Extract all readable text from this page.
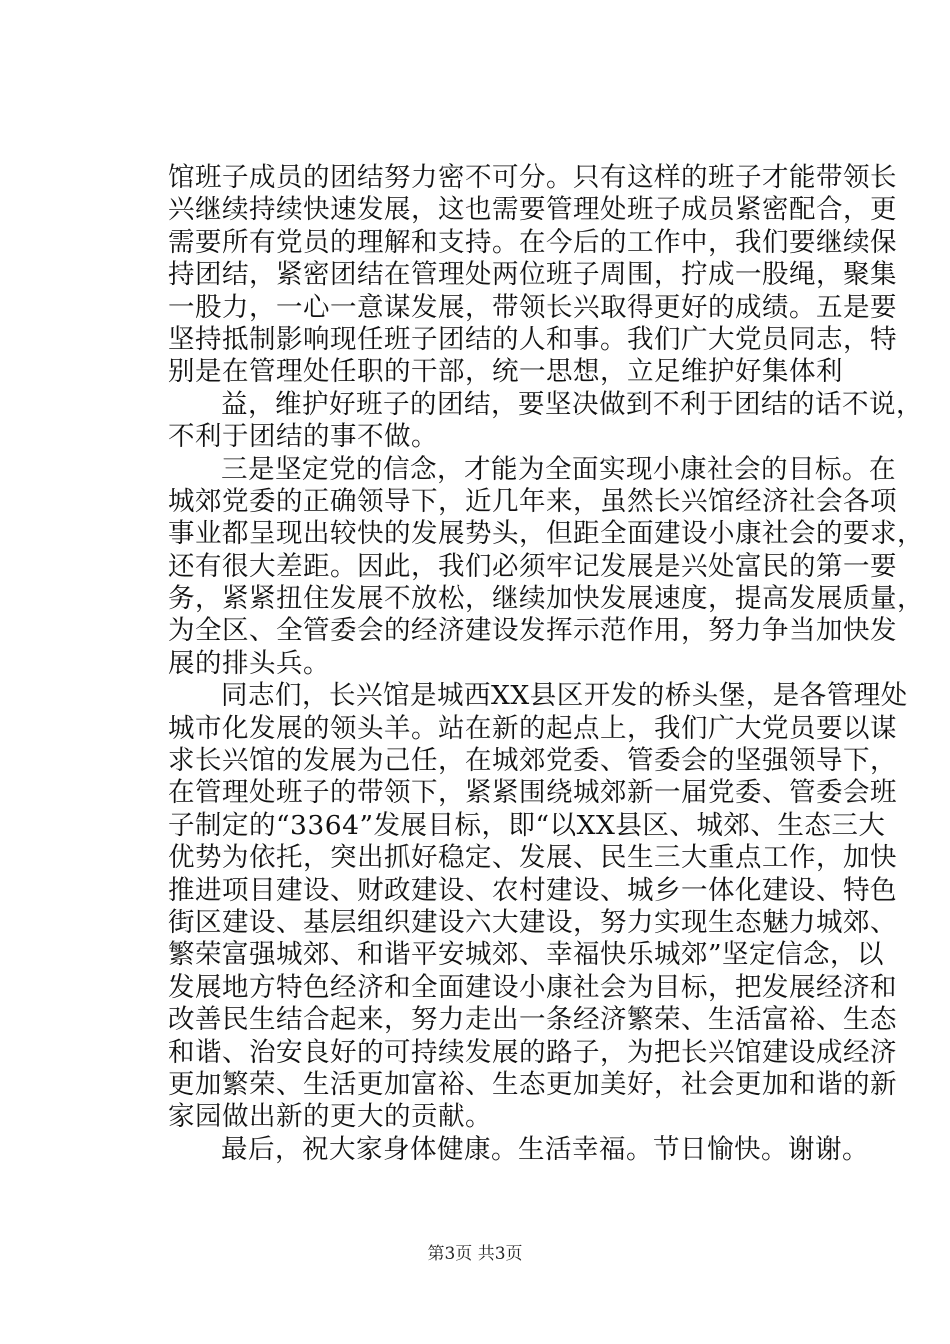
馆班子成员的团结努力密不可分。只有这样的班子才能带领长
兴继续持续快速发展，这也需要管理处班子成员紧密配合，更
需要所有党员的理解和支持。在今后的工作中，我们要继续保
持团结，紧密团结在管理处两位班子周围，拧成一股绳，聚集
一股力，一心一意谋发展，带领长兴取得更好的成绩。五是要
坚持抵制影响现任班子团结的人和事。我们广大党员同志，特
别是在管理处任职的干部，统一思想，立足维护好集体利
益，维护好班子的团结，要坚决做到不利于团结的话不说，
不利于团结的事不做。
三是坚定党的信念，才能为全面实现小康社会的目标。在
城郊党委的正确领导下，近几年来，虽然长兴馆经济社会各项
事业都呈现出较快的发展势头，但距全面建设小康社会的要求，
还有很大差距。因此，我们必须牢记发展是兴处富民的第一要
务，紧紧扭住发展不放松，继续加快发展速度，提高发展质量，
为全区、全管委会的经济建设发挥示范作用，努力争当加快发
展的排头兵。
同志们，长兴馆是城西XX县区开发的桥头堡，是各管理处
城市化发展的领头羊。站在新的起点上，我们广大党员要以谋
求长兴馆的发展为己任，在城郊党委、管委会的坚强领导下，
在管理处班子的带领下，紧紧围绕城郊新一届党委、管委会班
子制定的“3364”发展目标，即“以XX县区、城郊、生态三大
优势为依托，突出抓好稳定、发展、民生三大重点工作，加快
推进项目建设、财政建设、农村建设、城乡一体化建设、特色
街区建设、基层组织建设六大建设，努力实现生态魅力城郊、
繁荣富强城郊、和谐平安城郊、幸福快乐城郊”坚定信念，以
发展地方特色经济和全面建设小康社会为目标，把发展经济和
改善民生结合起来，努力走出一条经济繁荣、生活富裕、生态
和谐、治安良好的可持续发展的路子，为把长兴馆建设成经济
更加繁荣、生活更加富裕、生态更加美好，社会更加和谐的新
家园做出新的更大的贡献。
最后，祝大家身体健康。生活幸福。节日愉快。谢谢。
第3页 共3页
